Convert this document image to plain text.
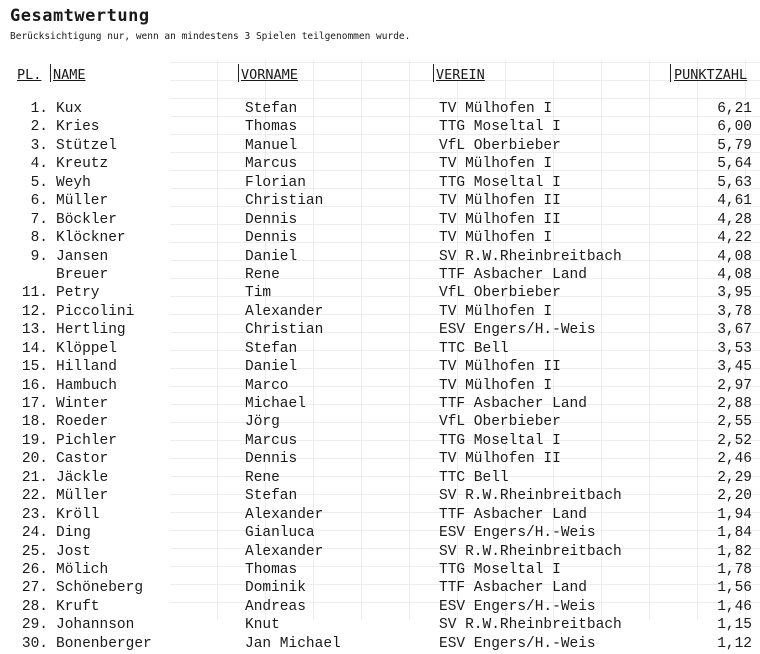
Gesamtwertung
Berücksichtigung nur, wenn an mindestens 3 Spielen teilgenommen wurde.
PL. NAME	VORNAME	VEREIN	PUNKTZAHL
1. Kux	Stefan	TV Mülhofen I	6,21
2. Kries	Thomas	TTG Moseltal I	6,00
3. Stützel	Manuel	VfL Oberbieber	5,79
4. Kreutz	Marcus	TV Mülhofen I	5,64
5. Weyh	Florian	TTG Moseltal I	5,63
6. Müller	Christian	TV Mülhofen II	4,61
7. Böckler	Dennis	TV Mülhofen II	4,28
8. Klöckner	Dennis	TV Mülhofen I	4,22
9. Jansen	Daniel	SV R.W.Rheinbreitbach	4,08
Breuer	Rene	TTF Asbacher Land	4,08
11. Petry	Tim	VfL Oberbieber	3,95
12. Piccolini	Alexander	TV Mülhofen I	3,78
13. Hertling	Christian	ESV Engers/H.-Weis	3,67
14. Klöppel	Stefan	TTC Bell	3,53
15. Hilland	Daniel	TV Mülhofen II	3,45
16. Hambuch	Marco	TV Mülhofen I	2,97
17. Winter	Michael	TTF Asbacher Land	2,88
18. Roeder	Jörg	VfL Oberbieber	2,55
19. Pichler	Marcus	TTG Moseltal I	2,52
20. Castor	Dennis	TV Mülhofen II	2,46
21. Jäckle	Rene	TTC Bell	2,29
22. Müller	Stefan	SV R.W.Rheinbreitbach	2,20
23. Kröll	Alexander	TTF Asbacher Land	1,94
24. Ding	Gianluca	ESV Engers/H.-Weis	1,84
25. Jost	Alexander	SV R.W.Rheinbreitbach	1,82
26. Mölich	Thomas	TTG Moseltal I	1,78
27. Schöneberg	Dominik	TTF Asbacher Land	1,56
28. Kruft	Andreas	ESV Engers/H.-Weis	1,46
29. Johannson	Knut	SV R.W.Rheinbreitbach	1,15
30. Bonenberger	Jan Michael	ESV Engers/H.-Weis	1,12
